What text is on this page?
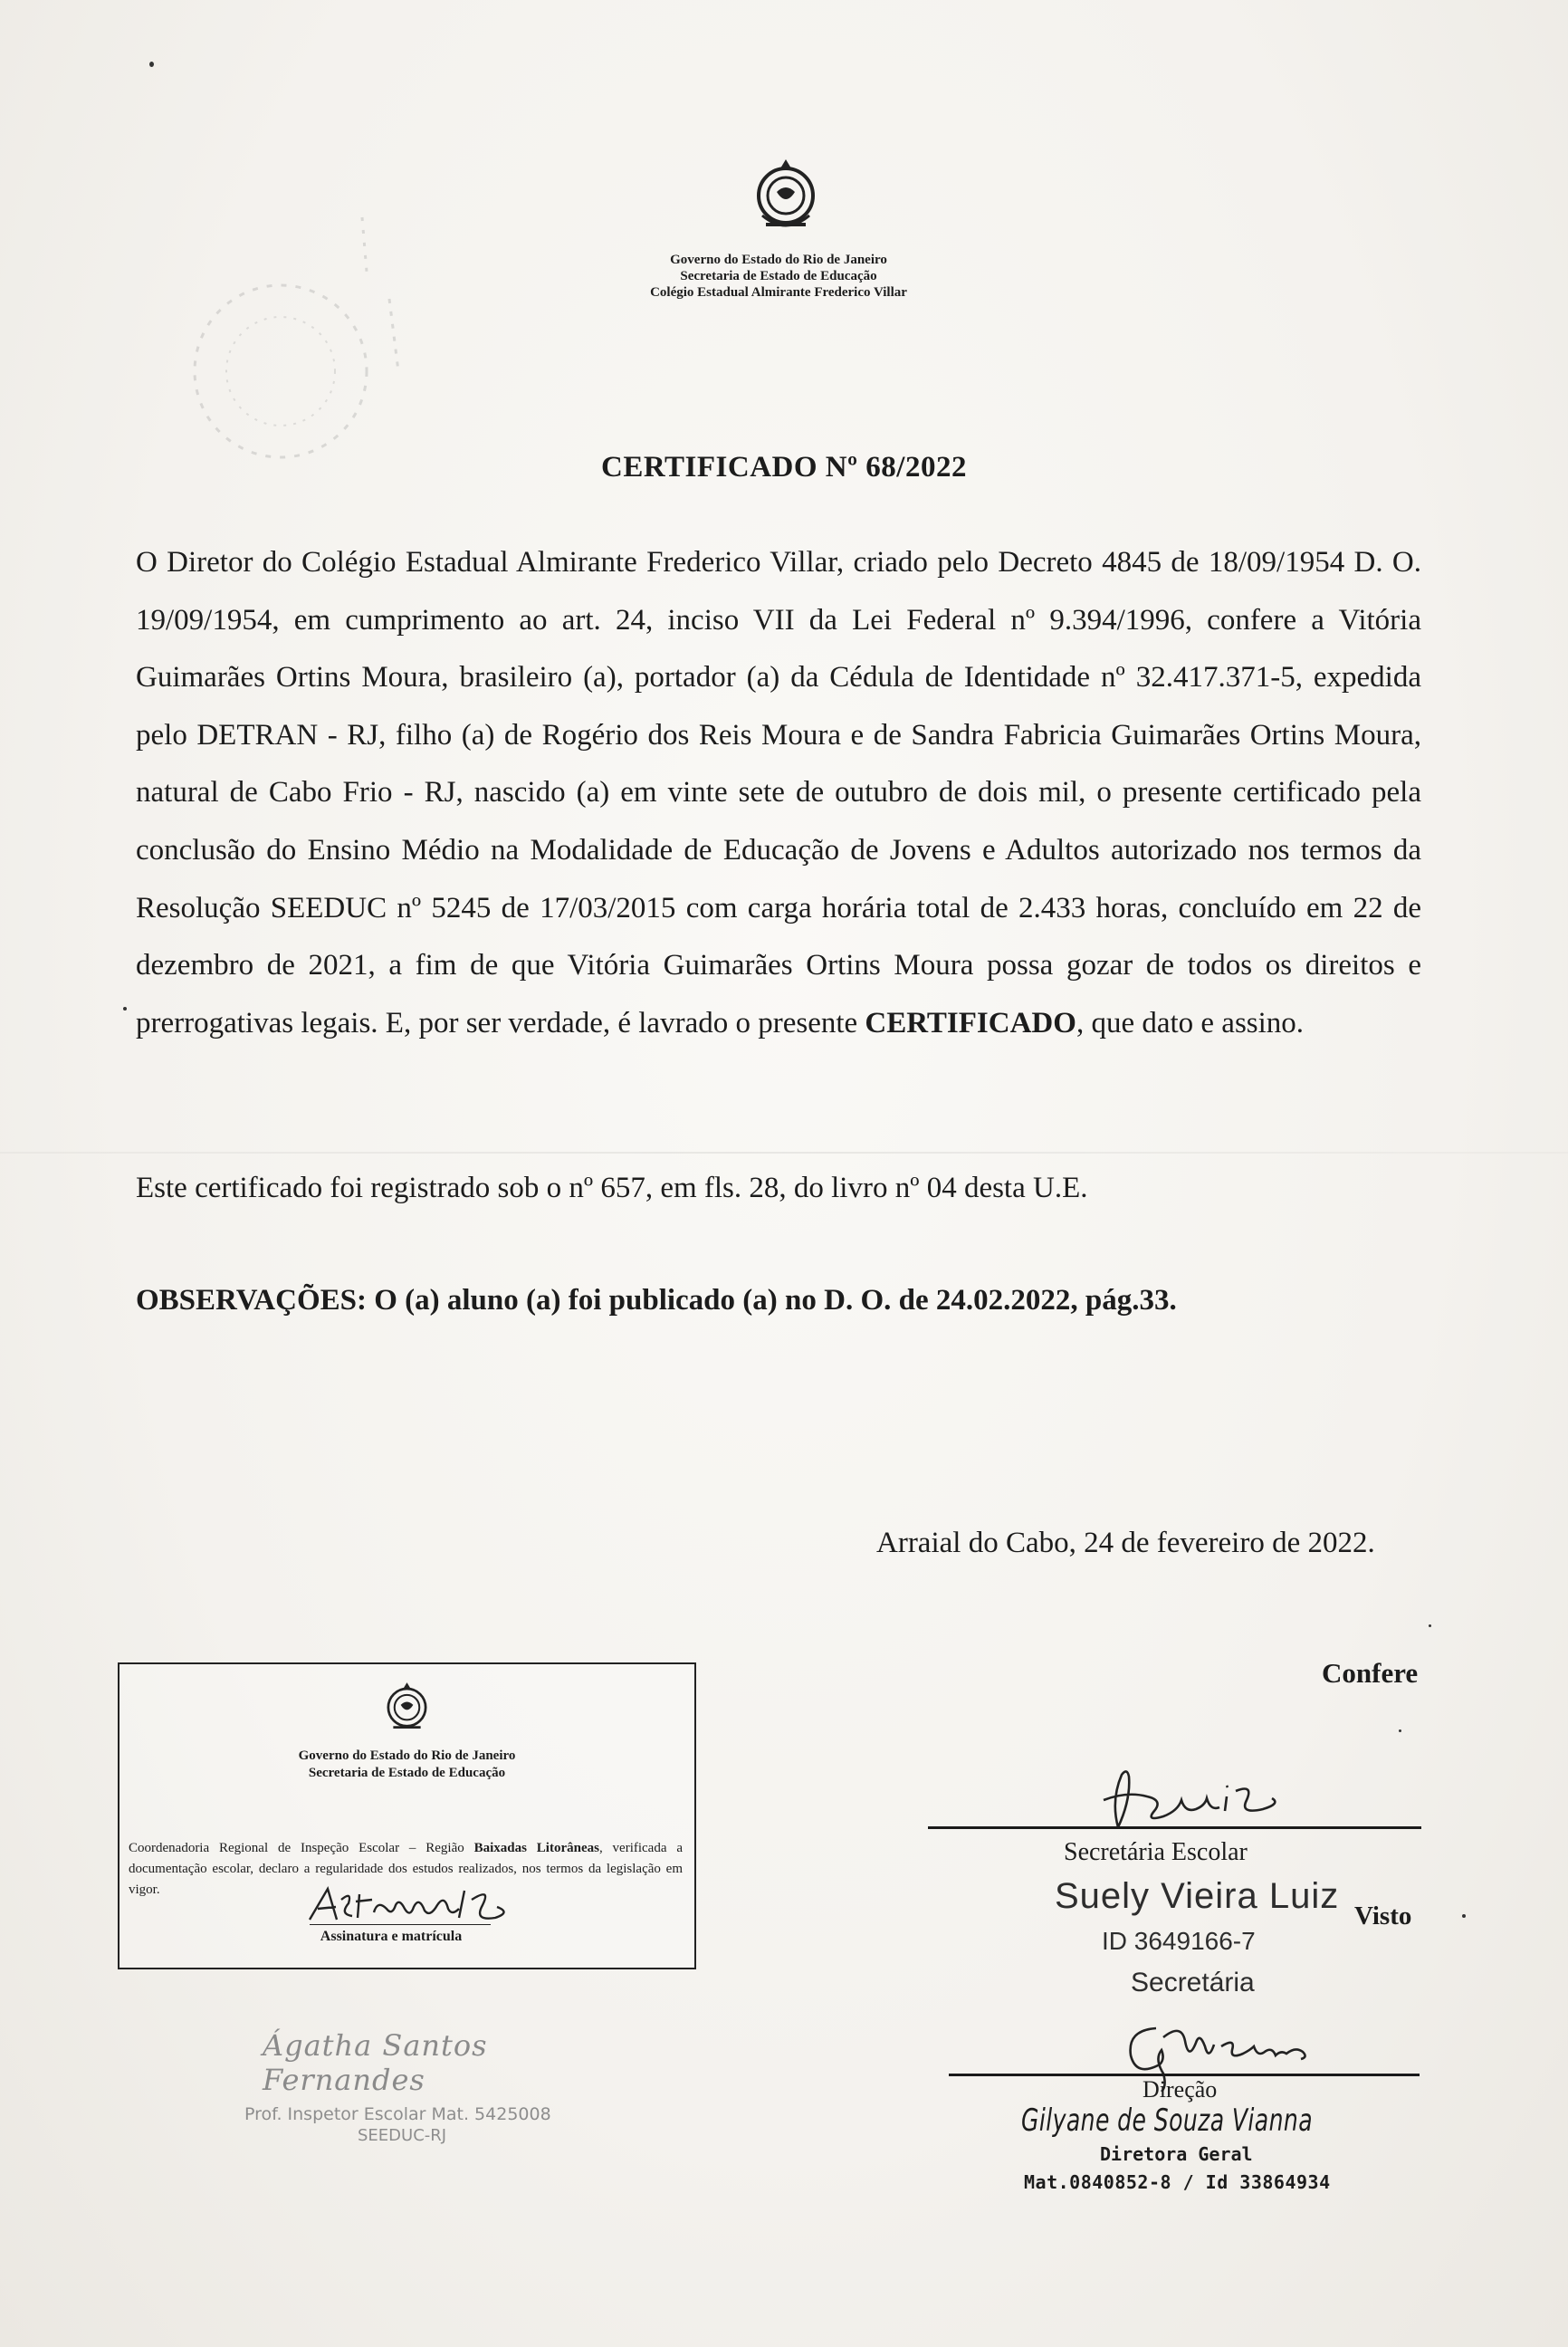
Governo do Estado do Rio de Janeiro
Secretaria de Estado de Educação
Colégio Estadual Almirante Frederico Villar
CERTIFICADO Nº 68/2022
O Diretor do Colégio Estadual Almirante Frederico Villar, criado pelo Decreto 4845 de 18/09/1954 D. O. 19/09/1954, em cumprimento ao art. 24, inciso VII da Lei Federal nº 9.394/1996, confere a Vitória Guimarães Ortins Moura, brasileiro (a), portador (a) da Cédula de Identidade nº 32.417.371-5, expedida pelo DETRAN - RJ, filho (a) de Rogério dos Reis Moura e de Sandra Fabricia Guimarães Ortins Moura, natural de Cabo Frio - RJ, nascido (a) em vinte sete de outubro de dois mil, o presente certificado pela conclusão do Ensino Médio na Modalidade de Educação de Jovens e Adultos autorizado nos termos da Resolução SEEDUC nº 5245 de 17/03/2015 com carga horária total de 2.433 horas, concluído em 22 de dezembro de 2021, a fim de que Vitória Guimarães Ortins Moura possa gozar de todos os direitos e prerrogativas legais. E, por ser verdade, é lavrado o presente CERTIFICADO, que dato e assino.
Este certificado foi registrado sob o nº 657, em fls. 28, do livro nº 04 desta U.E.
OBSERVAÇÕES: O (a) aluno (a) foi publicado (a) no D. O. de 24.02.2022, pág.33.
Arraial do Cabo, 24 de fevereiro de 2022.
Confere
Governo do Estado do Rio de Janeiro
Secretaria de Estado de Educação
Coordenadoria Regional de Inspeção Escolar – Região Baixadas Litorâneas, verificada a documentação escolar, declaro a regularidade dos estudos realizados, nos termos da legislação em vigor.
Assinatura e matrícula
Ágatha Santos Fernandes
Prof. Inspetor Escolar Mat. 5425008
SEEDUC-RJ
Secretária Escolar
Suely Vieira Luiz
ID 3649166-7
Secretária
Visto
Direção
Gilyane de Souza Vianna
Diretora Geral
Mat.0840852-8 / Id 33864934
